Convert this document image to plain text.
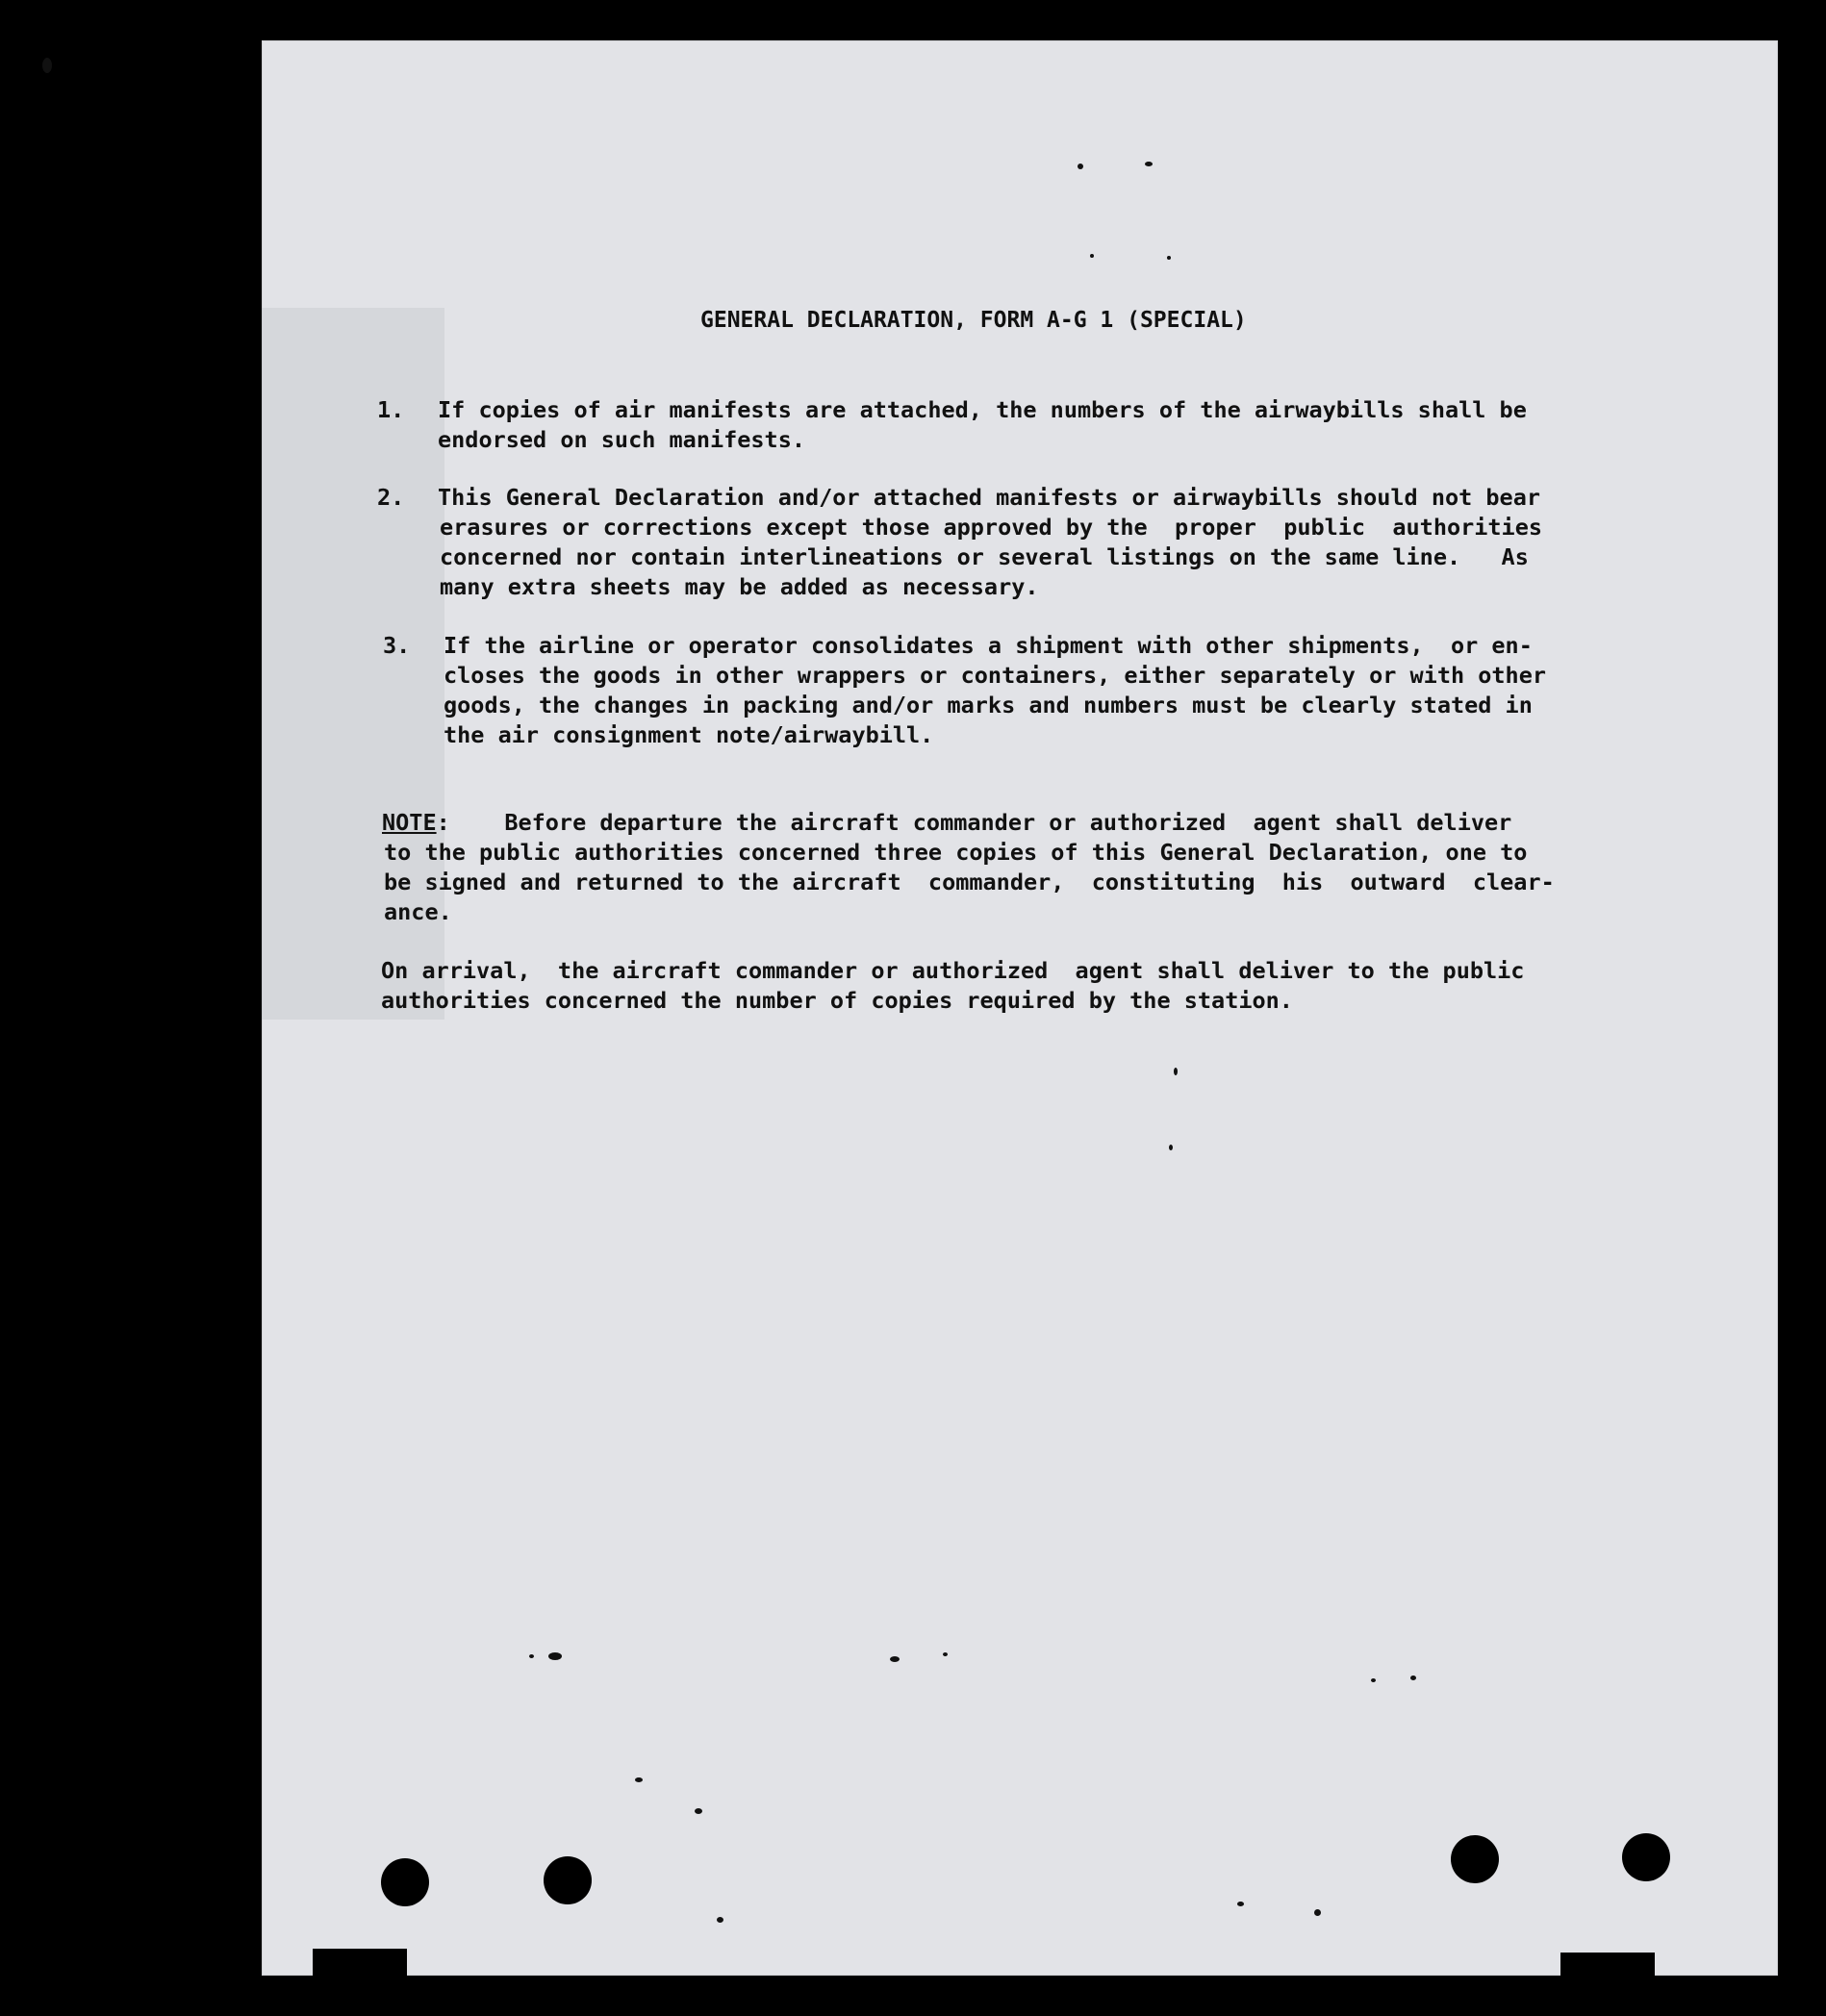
GENERAL DECLARATION, FORM A-G 1 (SPECIAL)
1. If copies of air manifests are attached, the numbers of the airwaybills shall be
endorsed on such manifests.
2. This General Declaration and/or attached manifests or airwaybills should not bear
erasures or corrections except those approved by the  proper  public  authorities
concerned nor contain interlineations or several listings on the same line.   As
many extra sheets may be added as necessary.
3. If the airline or operator consolidates a shipment with other shipments,  or en-
closes the goods in other wrappers or containers, either separately or with other
goods, the changes in packing and/or marks and numbers must be clearly stated in
the air consignment note/airwaybill.
NOTE:    Before departure the aircraft commander or authorized  agent shall deliver
to the public authorities concerned three copies of this General Declaration, one to
be signed and returned to the aircraft  commander,  constituting  his  outward  clear-
ance.
On arrival,  the aircraft commander or authorized  agent shall deliver to the public
authorities concerned the number of copies required by the station.
